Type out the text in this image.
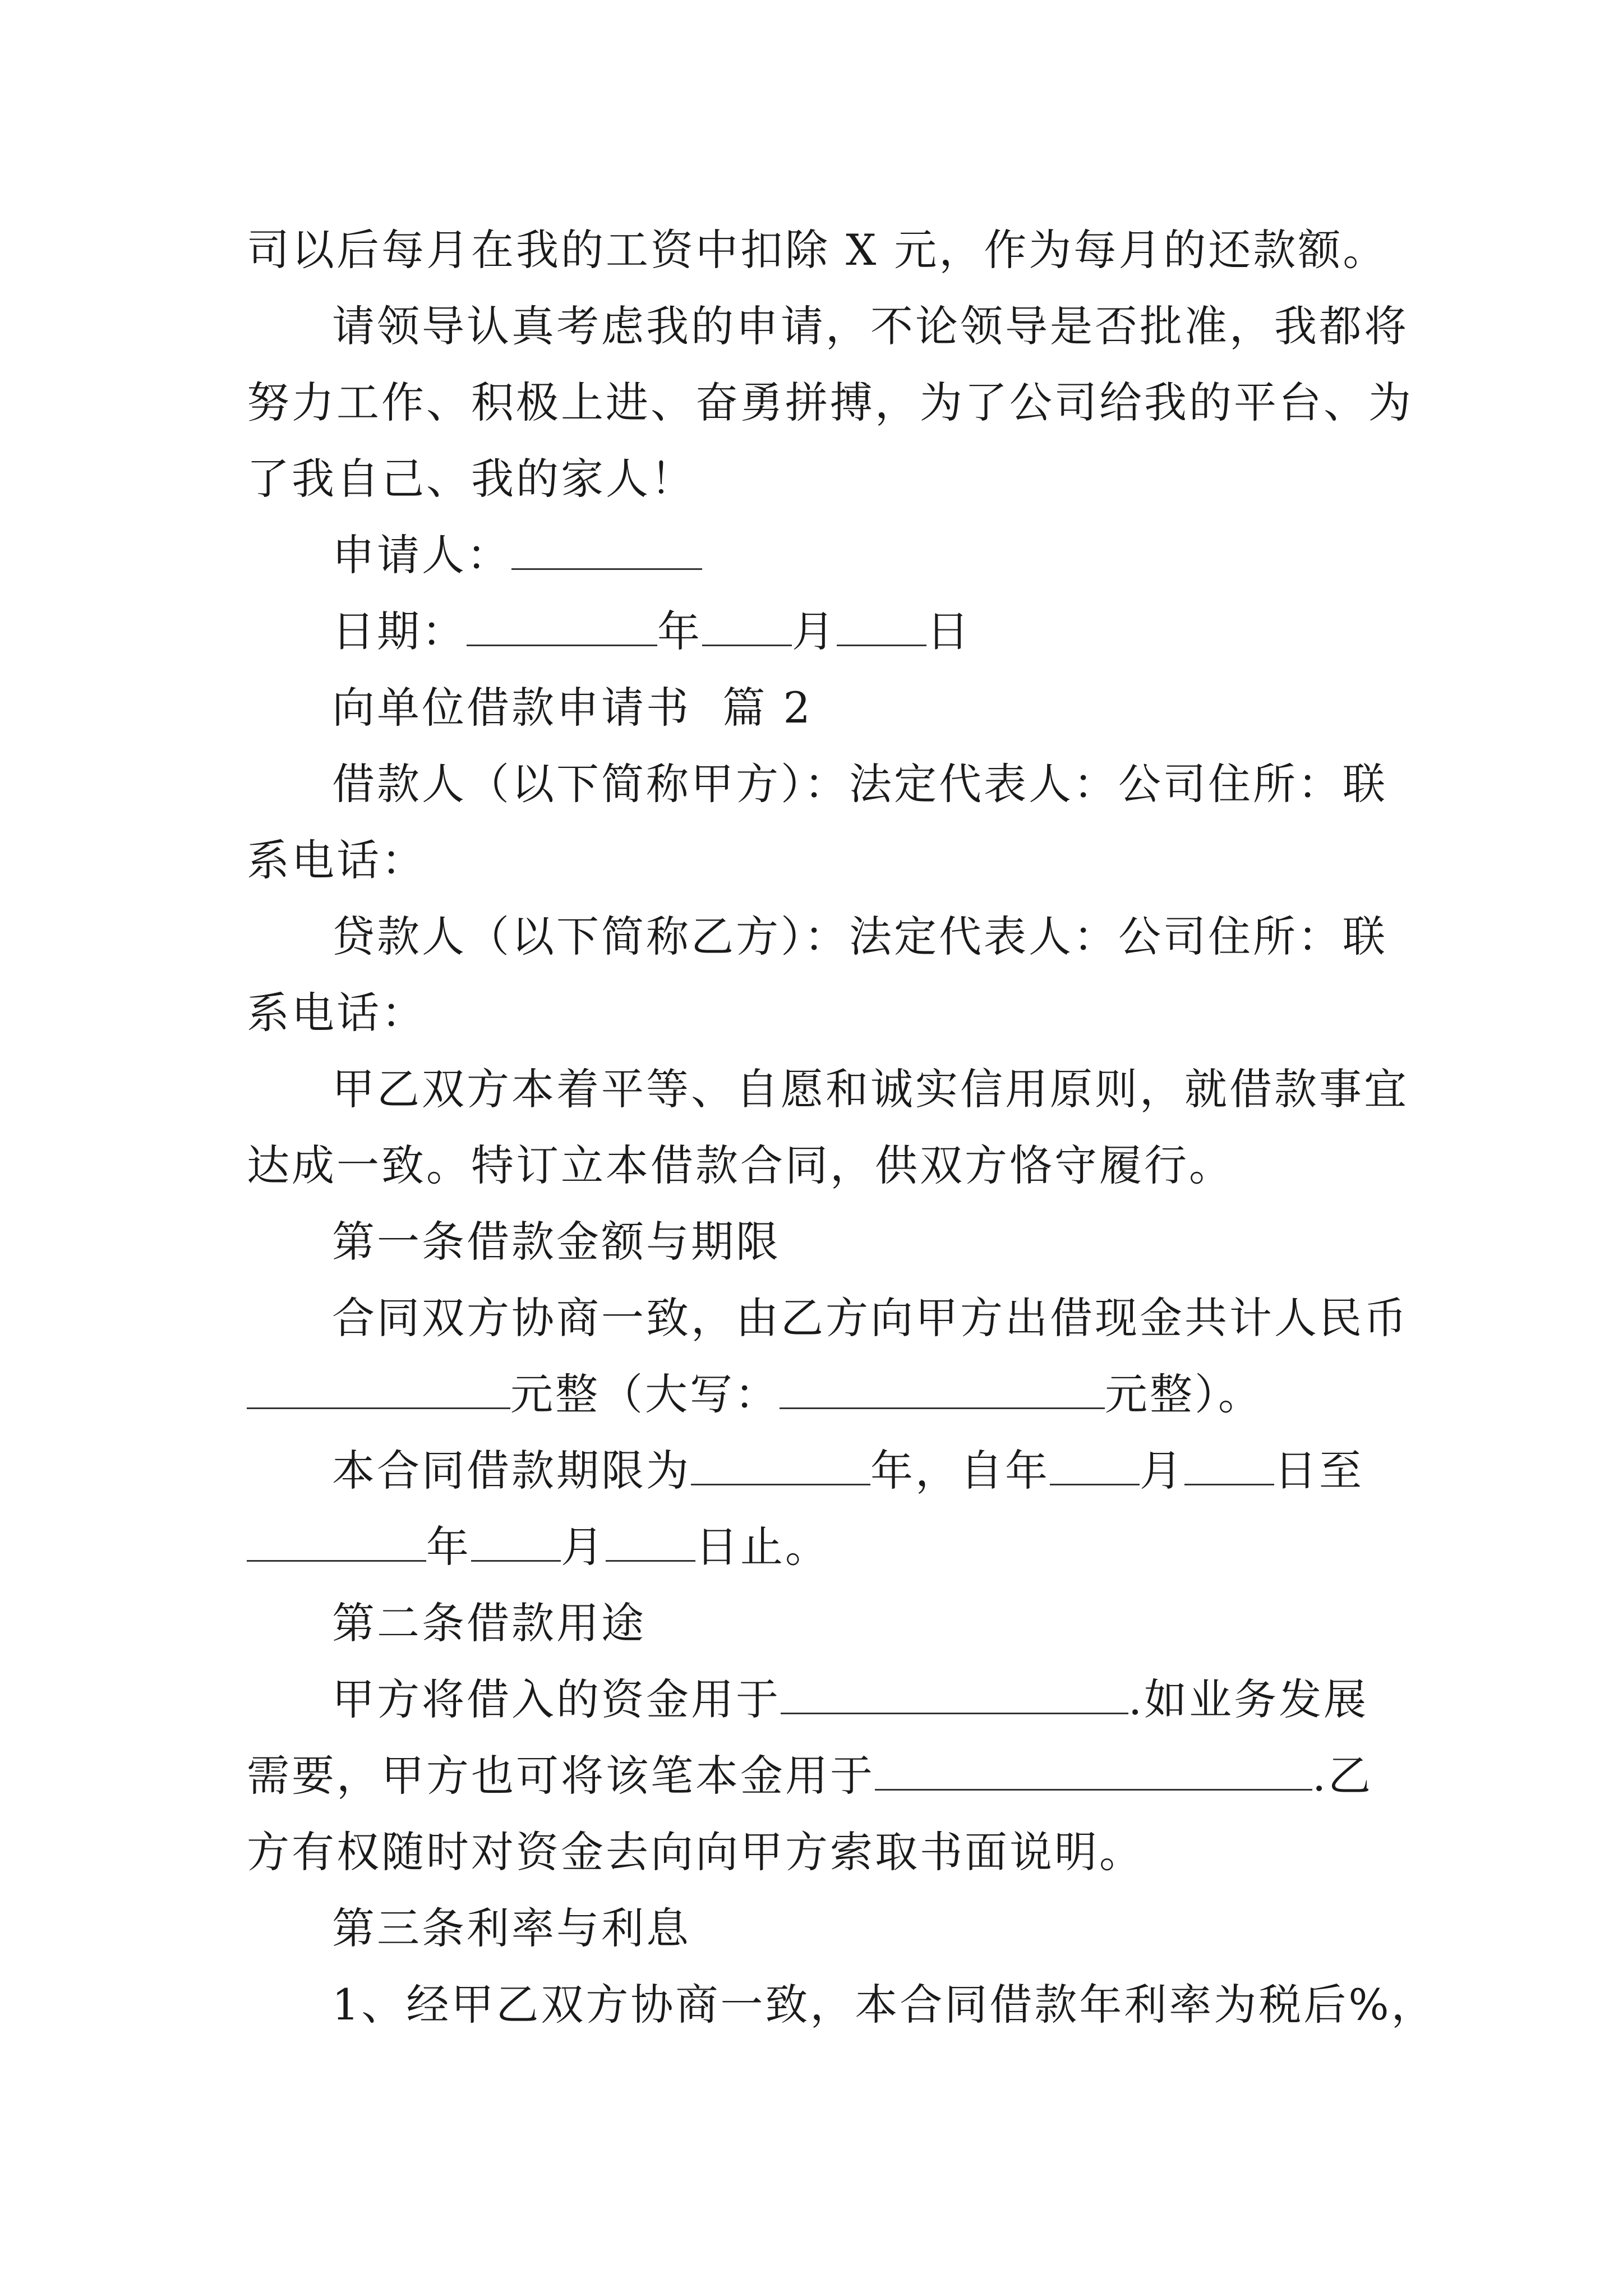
司以后每月在我的工资中扣除 X 元，作为每月的还款额。
请领导认真考虑我的申请，不论领导是否批准，我都将
努力工作、积极上进、奋勇拼搏，为了公司给我的平台、为
了我自己、我的家人！
申请人：
日期：	年 月 日
向单位借款申请书  篇 2
借款人（以下简称甲方）：法定代表人：公司住所：联
系电话：
贷款人（以下简称乙方）：法定代表人：公司住所：联
系电话：
甲乙双方本着平等、自愿和诚实信用原则，就借款事宜
达成一致。特订立本借款合同，供双方恪守履行。
第一条借款金额与期限
合同双方协商一致，由乙方向甲方出借现金共计人民币
元整（大写：	元整）。
本合同借款期限为	年，自年 月 日至
年 月 日止。
第二条借款用途
甲方将借入的资金用于	.如业务发展
需要，甲方也可将该笔本金用于	.乙
方有权随时对资金去向向甲方索取书面说明。
第三条利率与利息
1、经甲乙双方协商一致，本合同借款年利率为税后%，
